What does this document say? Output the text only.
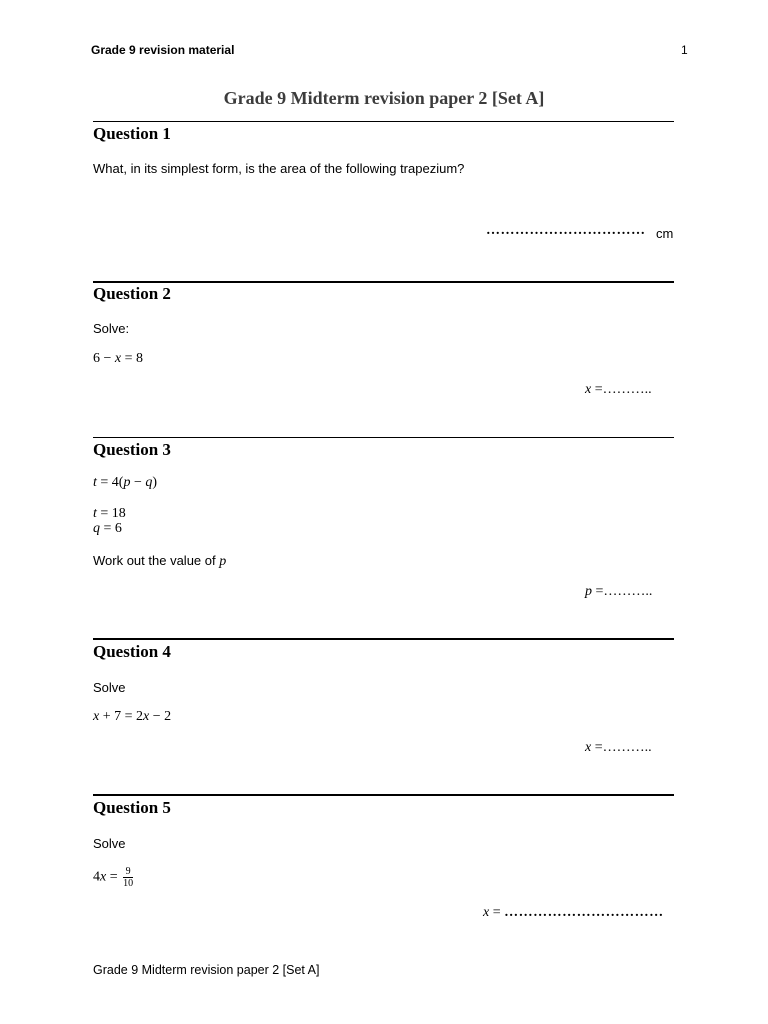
Grade 9 revision material	1
Grade 9 Midterm revision paper 2 [Set A]
Question 1
What, in its simplest form, is the area of the following trapezium?
…………………………… cm
Question 2
Solve:
6 − x = 8
x =………..
Question 3
t = 4(p − q)
t = 18
q = 6
Work out the value of p
p =………..
Question 4
Solve
x + 7 = 2x − 2
x =………..
Question 5
Solve
$4x = \frac{9}{10}$
x = ……………………………
Grade 9 Midterm revision paper 2 [Set A]
